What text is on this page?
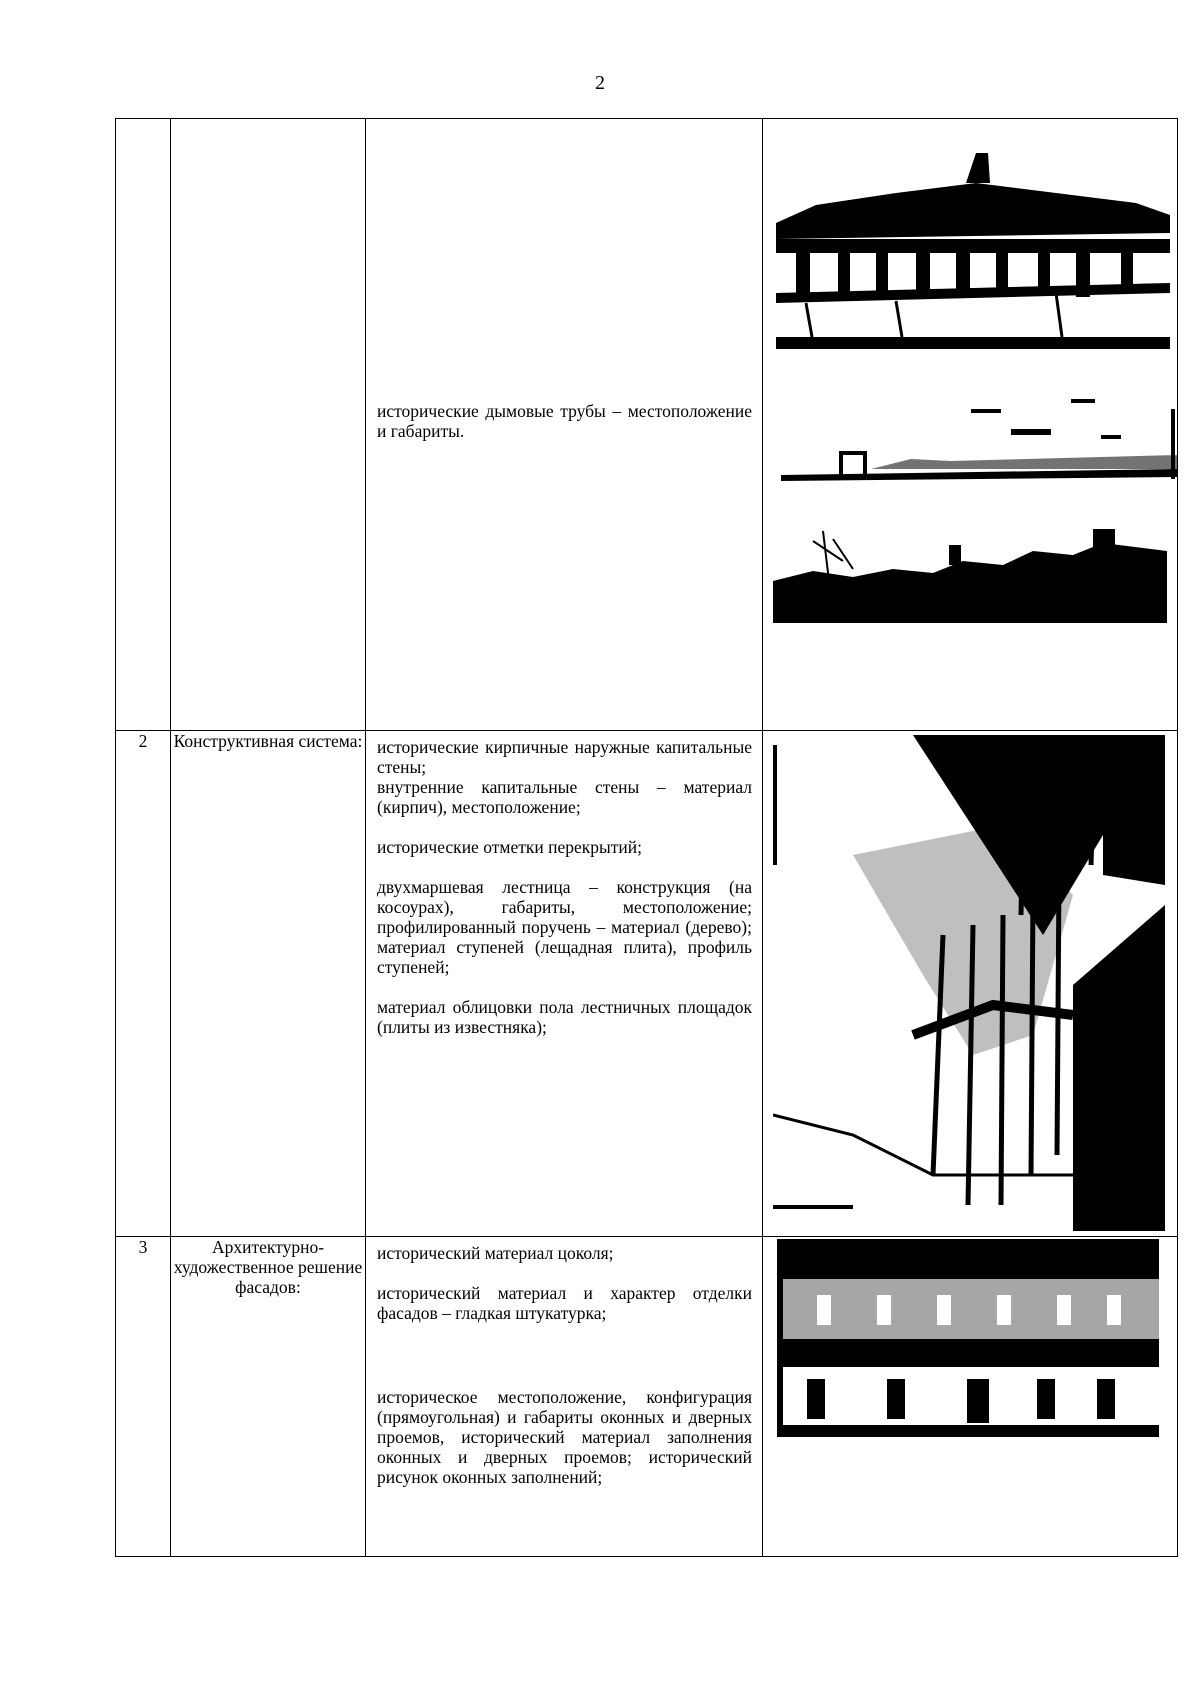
2

		исторические дымовые трубы – местоположение и габариты.

2	Конструктивная система:	исторические кирпичные наружные капитальные стены;

внутренние капитальные стены – материал (кирпич), местоположение;

исторические отметки перекрытий;

двухмаршевая лестница – конструкция (на косоурах), габариты, местоположение; профилированный поручень – материал (дерево); материал ступеней (лещадная плита), профиль ступеней;

материал облицовки пола лестничных площадок (плиты из известняка);

3	Архитектурно-художественное решение фасадов:	исторический материал цоколя;

исторический материал и характер отделки фасадов – гладкая штукатурка;

историческое местоположение, конфигурация (прямоугольная) и габариты оконных и дверных проемов, исторический материал заполнения оконных и дверных проемов; исторический рисунок оконных заполнений;
